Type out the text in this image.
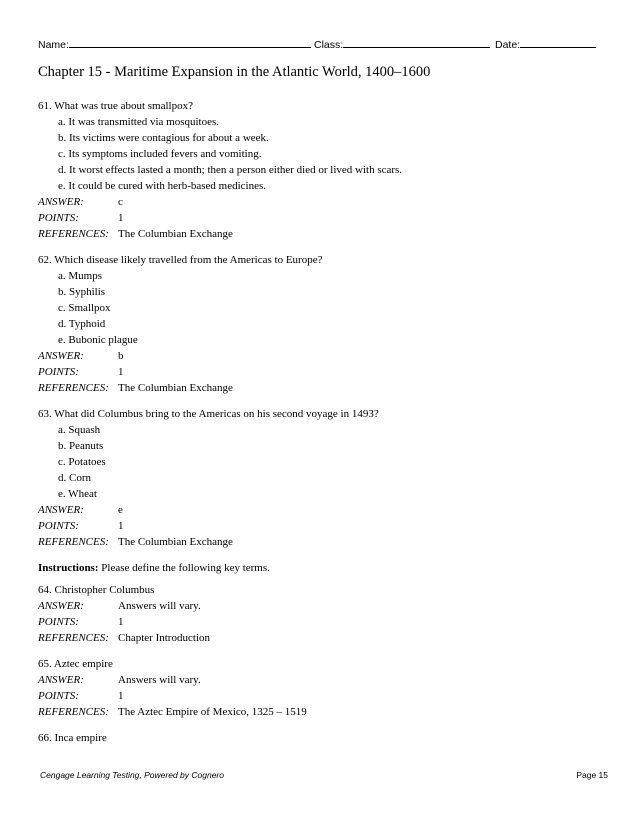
Name:	Class:	Date:
Chapter 15 - Maritime Expansion in the Atlantic World, 1400–1600
61. What was true about smallpox?
a. It was transmitted via mosquitoes.
b. Its victims were contagious for about a week.
c. Its symptoms included fevers and vomiting.
d. It worst effects lasted a month; then a person either died or lived with scars.
e. It could be cured with herb-based medicines.
ANSWER:	c
POINTS:	1
REFERENCES: The Columbian Exchange
62. Which disease likely travelled from the Americas to Europe?
a. Mumps
b. Syphilis
c. Smallpox
d. Typhoid
e. Bubonic plague
ANSWER:	b
POINTS:	1
REFERENCES: The Columbian Exchange
63. What did Columbus bring to the Americas on his second voyage in 1493?
a. Squash
b. Peanuts
c. Potatoes
d. Corn
e. Wheat
ANSWER:	e
POINTS:	1
REFERENCES: The Columbian Exchange
Instructions: Please define the following key terms.
64. Christopher Columbus
ANSWER:	Answers will vary.
POINTS:	1
REFERENCES: Chapter Introduction
65. Aztec empire
ANSWER:	Answers will vary.
POINTS:	1
REFERENCES: The Aztec Empire of Mexico, 1325 – 1519
66. Inca empire
Cengage Learning Testing, Powered by Cognero	Page 15
